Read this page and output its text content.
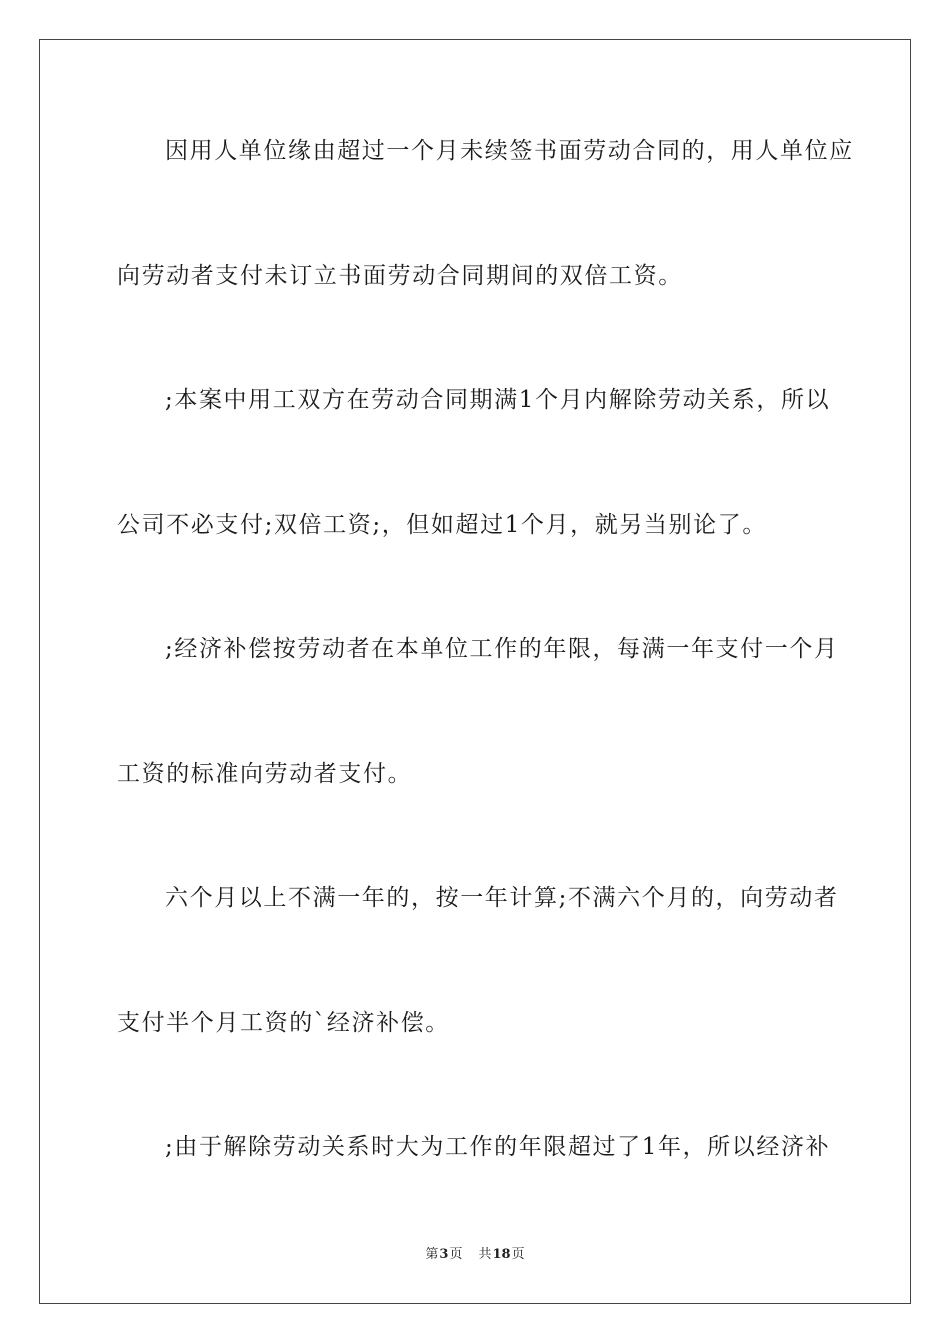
因用人单位缘由超过一个月未续签书面劳动合同的，用人单位应
向劳动者支付未订立书面劳动合同期间的双倍工资。
;本案中用工双方在劳动合同期满1个月内解除劳动关系，所以
公司不必支付;双倍工资;，但如超过1个月，就另当别论了。
;经济补偿按劳动者在本单位工作的年限，每满一年支付一个月
工资的标准向劳动者支付。
六个月以上不满一年的，按一年计算;不满六个月的，向劳动者
支付半个月工资的`经济补偿。
;由于解除劳动关系时大为工作的年限超过了1年，所以经济补
第3页 共18页
